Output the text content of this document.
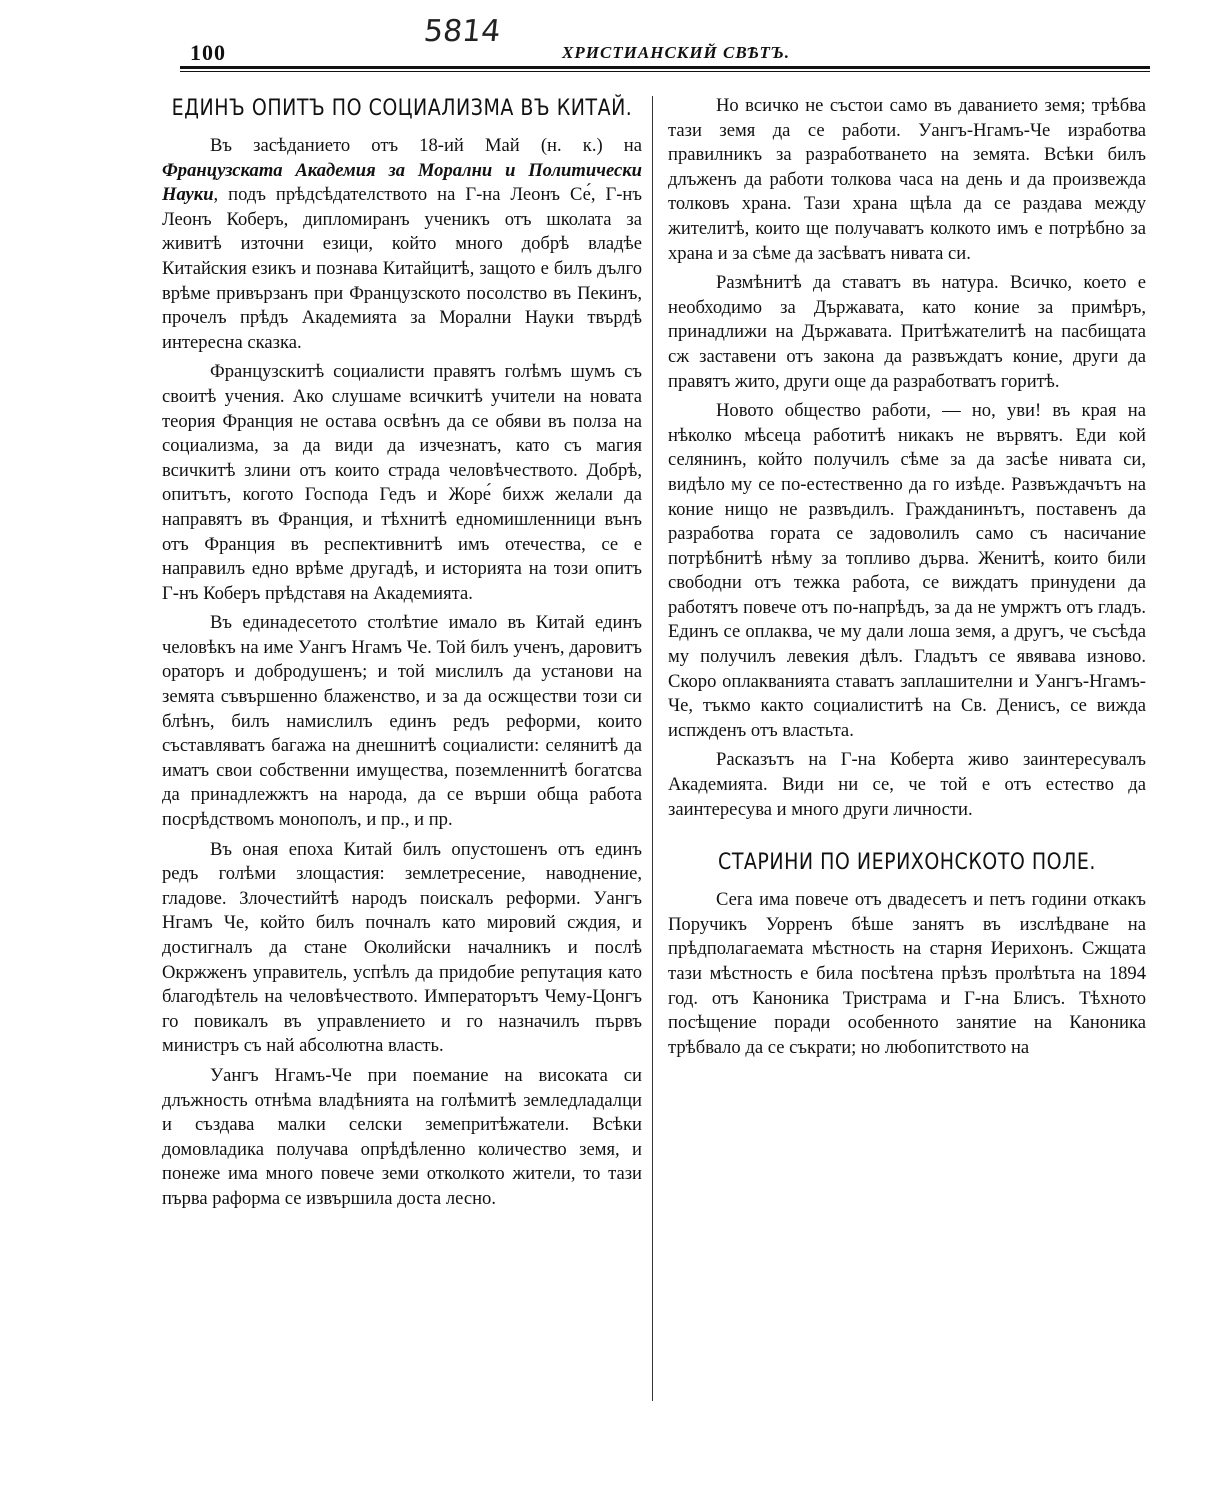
100
5814
ХРИСТИАНСКИЙ СВѢТЪ.
ЕДИНЪ ОПИТЪ ПО СОЦИАЛИЗМА ВЪ КИТАЙ.

Въ засѣданието отъ 18-ий Май (н. к.) на Французската Академия за Морални и Политически Науки, подъ прѣдсѣдателството на Г-на Леонъ Се́, Г-нъ Леонъ Коберъ, дипломиранъ ученикъ отъ школата за живитѣ източни езици, който много добрѣ владѣе Китайския езикъ и познава Китайцитѣ, защото е билъ дълго врѣме привързанъ при Французското посолство въ Пекинъ, прочелъ прѣдъ Академията за Морални Науки твърдѣ интересна сказка.

Французскитѣ социалисти правятъ голѣмъ шумъ съ своитѣ учения. Ако слушаме всичкитѣ учители на новата теория Франция не остава освѣнъ да се обяви въ полза на социализма, за да види да изчезнатъ, като съ магия всичкитѣ злини отъ които страда человѣчеството. Добрѣ, опитътъ, когото Господа Гедъ и Жоре́ бихж желали да направятъ въ Франция, и тѣхнитѣ едномишленници вънъ отъ Франция въ респективнитѣ имъ отечества, се е направилъ едно врѣме другадѣ, и историята на този опитъ Г-нъ Коберъ прѣдставя на Академията.

Въ единадесетото столѣтие имало въ Китай единъ человѣкъ на име Уангъ Нгамъ Че. Той билъ ученъ, даровитъ ораторъ и добродушенъ; и той мислилъ да установи на земята съвършенно блаженство, и за да осжществи този си блѣнъ, билъ намислилъ единъ редъ реформи, които съставляватъ багажа на днешнитѣ социалисти: селянитѣ да иматъ свои собственни имущества, поземленнитѣ богатсва да принадлежжтъ на народа, да се върши обща работа посрѣдствомъ монополъ, и пр., и пр.

Въ оная епоха Китай билъ опустошенъ отъ единъ редъ голѣми злощастия: землетресение, наводнение, гладове. Злочестийтѣ народъ поискалъ реформи. Уангъ Нгамъ Че, който билъ почналъ като мировий сждия, и достигналъ да стане Околийски началникъ и послѣ Окржженъ управитель, успѣлъ да придобие репутация като благодѣтель на человѣчеството. Императорътъ Чему-Цонгъ го повикалъ въ управлението и го назначилъ първъ министръ съ най абсолютна власть.

Уангъ Нгамъ-Че при поемание на високата си длъжность отнѣма владѣнията на голѣмитѣ земледладалци и създава малки селски земепритѣжатели. Всѣки домовладика получава опрѣдѣленно количество земя, и понеже има много повече земи отколкото жители, то тази първа раформа се извършила доста лесно.

Но всичко не състои само въ даванието земя; трѣбва тази земя да се работи. Уангъ-Нгамъ-Че изработва правилникъ за разработването на земята. Всѣки билъ длъженъ да работи толкова часа на день и да произвежда толковъ храна. Тази храна щѣла да се раздава между жителитѣ, които ще получаватъ колкото имъ е потрѣбно за храна и за сѣме да засѣватъ нивата си.

Размѣнитѣ да ставатъ въ натура. Всичко, което е необходимо за Държавата, като коние за примѣръ, принадлижи на Държавата. Притѣжателитѣ на пасбищата сж заставени отъ закона да развъждатъ коние, други да правятъ жито, други още да разработватъ горитѣ.

Новото общество работи, — но, уви! въ края на нѣколко мѣсеца работитѣ никакъ не вървятъ. Еди кой селянинъ, който получилъ сѣме за да засѣе нивата си, видѣло му се по-естественно да го изѣде. Развъждачътъ на коние нищо не развъдилъ. Гражданинътъ, поставенъ да разработва гората се задоволилъ само съ насичание потрѣбнитѣ нѣму за топливо дърва. Женитѣ, които били свободни отъ тежка работа, се виждатъ принудени да работятъ повече отъ по-напрѣдъ, за да не умржтъ отъ гладъ. Единъ се оплаква, че му дали лоша земя, а другъ, че съсѣда му получилъ левекия дѣлъ. Гладътъ се явявава изново. Скоро оплакванията ставатъ заплашителни и Уангъ-Нгамъ-Че, тъкмо както социалиститѣ на Св. Денисъ, се вижда испжденъ отъ властьта.

Расказътъ на Г-на Коберта живо заинтересувалъ Академията. Види ни се, че той е отъ естество да заинтересува и много други личности.

СТАРИНИ ПО ИЕРИХОНСКОТО ПОЛЕ.

Сега има повече отъ двадесетъ и петъ години откакъ Поручикъ Уорренъ бѣше занятъ въ изслѣдване на прѣдполагаемата мѣстность на старня Иерихонъ. Сжщата тази мѣстность е била посѣтена прѣзъ пролѣтьта на 1894 год. отъ Каноника Тристрама и Г-на Блисъ. Тѣхното посѣщение поради особенното занятие на Каноника трѣбвало да се съкрати; но любопитството на
